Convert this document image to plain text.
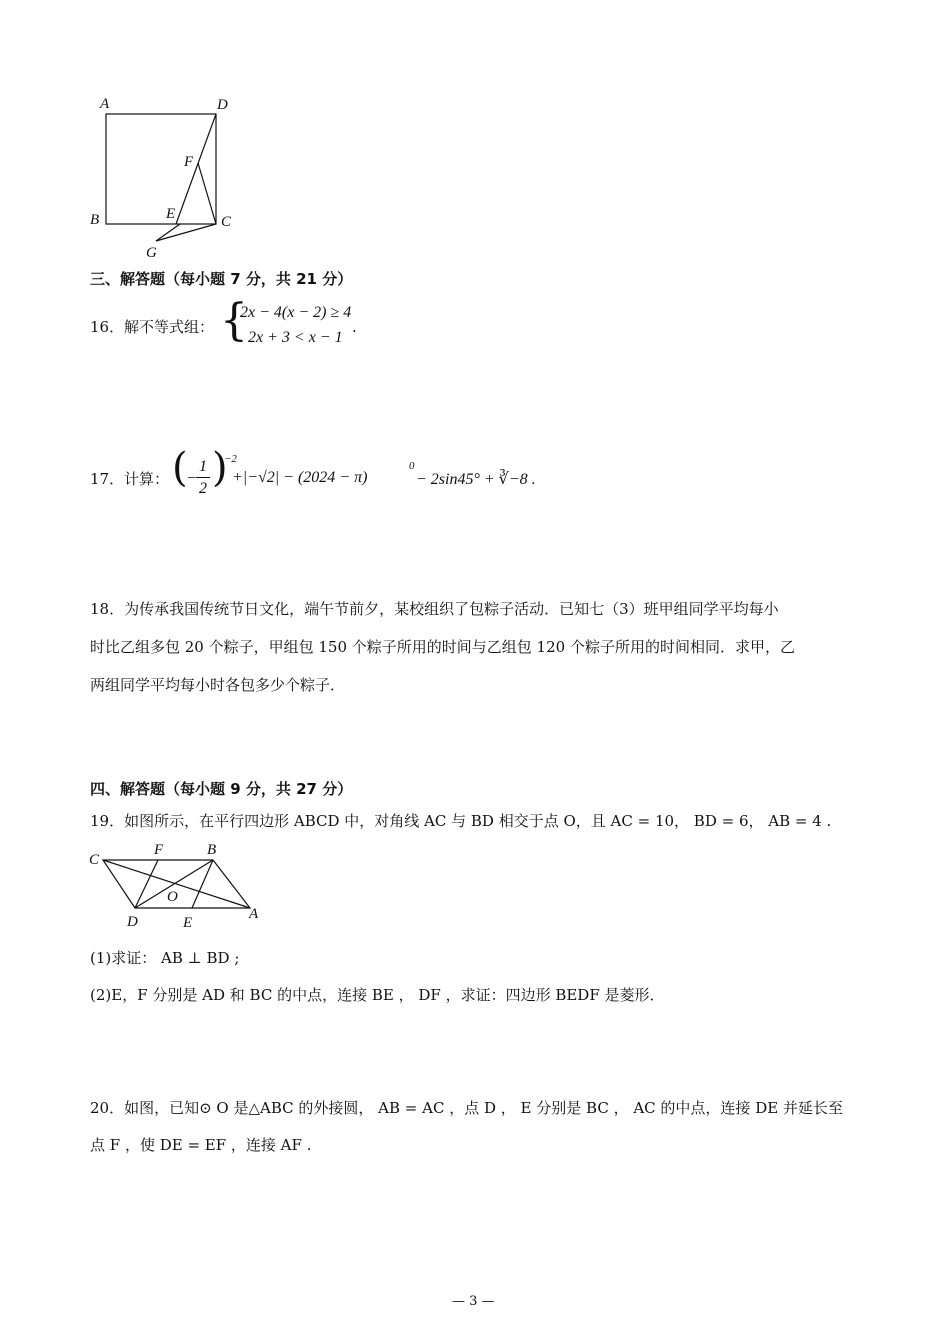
A	D
F
B	E	C
G
三、解答题（每小题 7 分，共 21 分）
16． 解不等式组： {
2x − 4(x − 2) ≥ 4
2x + 3 < x − 1
.
17． 计算： (
−
1
2 )
−2
+|−√2| − (2024 − π)
0
− 2sin45° + ∛−8 .
18．为传承我国传统节日文化，端午节前夕，某校组织了包粽子活动．已知七（3）班甲组同学平均每小
时比乙组多包 20 个粽子，甲组包 150 个粽子所用的时间与乙组包 120 个粽子所用的时间相同．求甲，乙
两组同学平均每小时各包多少个粽子．
四、解答题（每小题 9 分，共 27 分）
19．如图所示，在平行四边形 ABCD 中，对角线 AC 与 BD 相交于点 O，且 AC = 10， BD = 6， AB = 4 .
C
F	B
O
D	E
A
(1)求证： AB ⊥ BD ;
(2)E，F 分别是 AD 和 BC 的中点，连接 BE ， DF ，求证：四边形 BEDF 是菱形．
20．如图，已知⊙ O 是△ABC 的外接圆， AB = AC ，点 D ， E 分别是 BC ， AC 的中点，连接 DE 并延长至
点 F ，使 DE = EF ，连接 AF .
— 3 —
